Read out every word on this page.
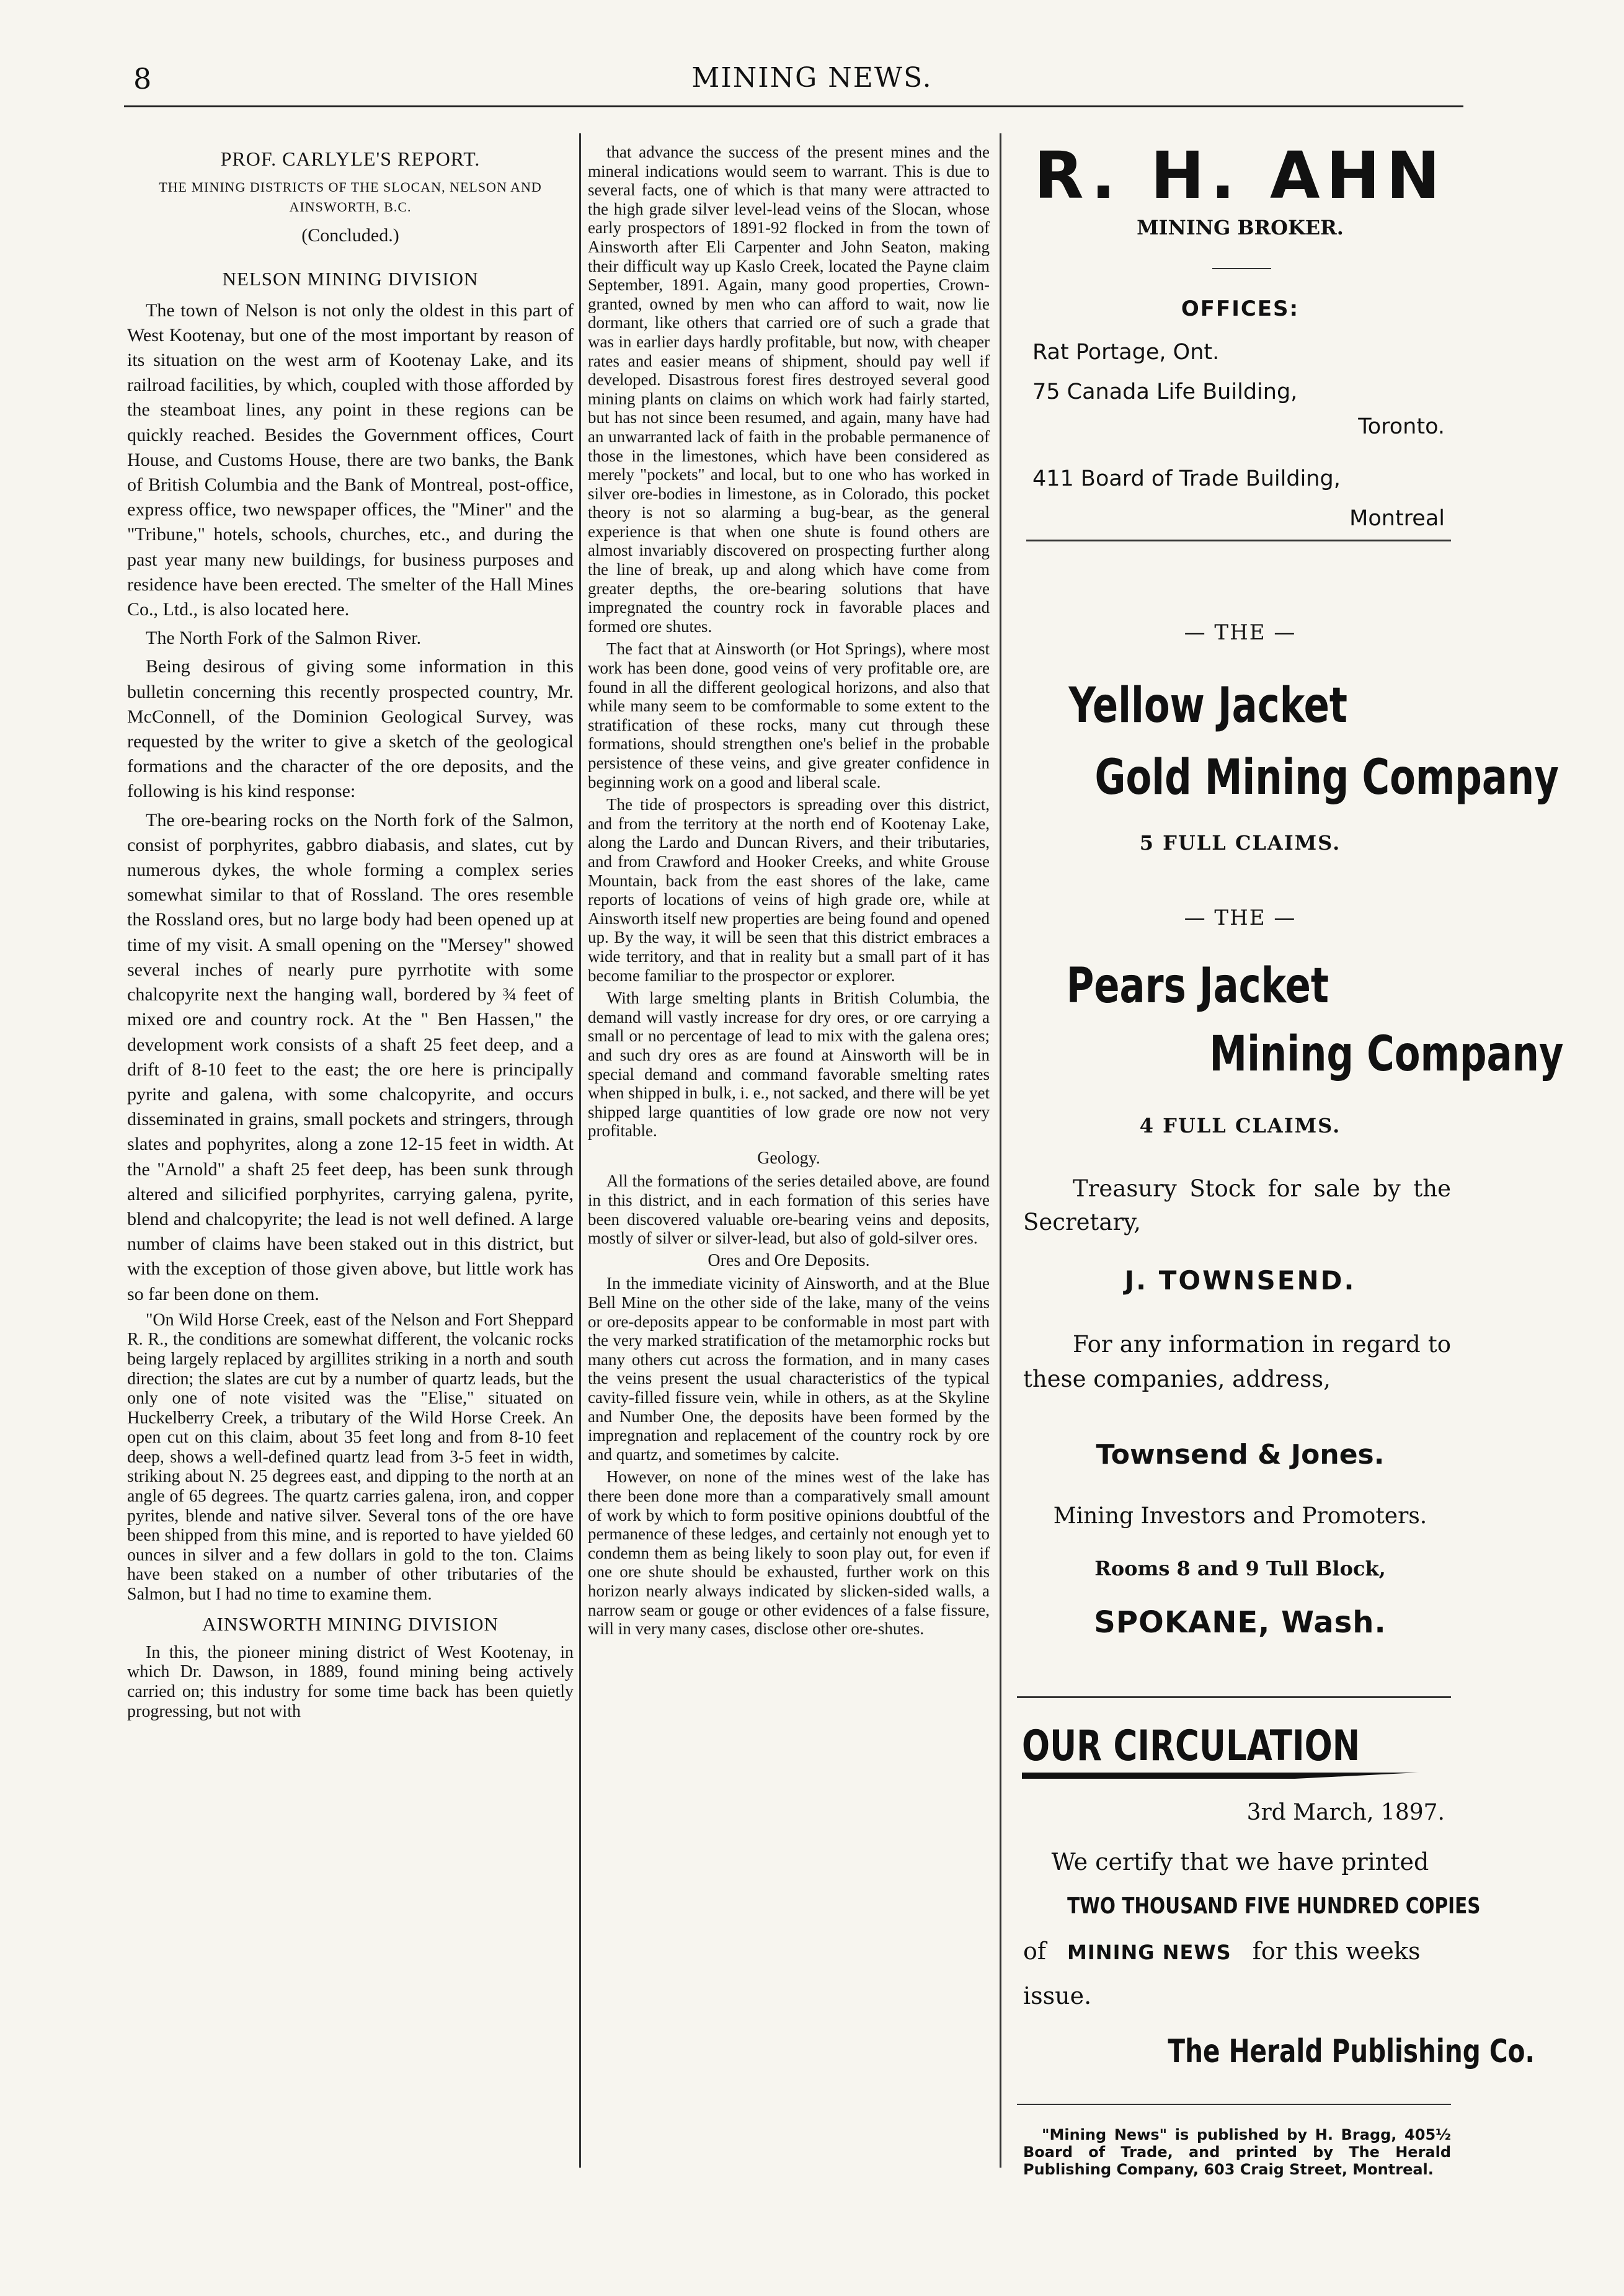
8	MINING NEWS.

PROF. CARLYLE'S REPORT.

THE MINING DISTRICTS OF THE SLOCAN, NELSON AND AINSWORTH, B.C.

(Concluded.)

NELSON MINING DIVISION

The town of Nelson is not only the oldest in this part of West Kootenay, but one of the most important by reason of its situation on the west arm of Kootenay Lake, and its railroad facilities, by which, coupled with those afforded by the steamboat lines, any point in these regions can be quickly reached. Besides the Government offices, Court House, and Customs House, there are two banks, the Bank of British Columbia and the Bank of Montreal, post-office, express office, two newspaper offices, the "Miner" and the "Tribune," hotels, schools, churches, etc., and during the past year many new buildings, for business purposes and residence have been erected. The smelter of the Hall Mines Co., Ltd., is also located here.

The North Fork of the Salmon River.

Being desirous of giving some information in this bulletin concerning this recently prospected country, Mr. McConnell, of the Dominion Geological Survey, was requested by the writer to give a sketch of the geological formations and the character of the ore deposits, and the following is his kind response:

The ore-bearing rocks on the North fork of the Salmon, consist of porphyrites, gabbro diabasis, and slates, cut by numerous dykes, the whole forming a complex series somewhat similar to that of Rossland. The ores resemble the Rossland ores, but no large body had been opened up at time of my visit. A small opening on the "Mersey" showed several inches of nearly pure pyrrhotite with some chalcopyrite next the hanging wall, bordered by ¾ feet of mixed ore and country rock. At the " Ben Hassen," the development work consists of a shaft 25 feet deep, and a drift of 8-10 feet to the east; the ore here is principally pyrite and galena, with some chalcopyrite, and occurs disseminated in grains, small pockets and stringers, through slates and pophyrites, along a zone 12-15 feet in width. At the "Arnold" a shaft 25 feet deep, has been sunk through altered and silicified porphyrites, carrying galena, pyrite, blend and chalcopyrite; the lead is not well defined. A large number of claims have been staked out in this district, but with the exception of those given above, but little work has so far been done on them.

"On Wild Horse Creek, east of the Nelson and Fort Sheppard R. R., the conditions are somewhat different, the volcanic rocks being largely replaced by argillites striking in a north and south direction; the slates are cut by a number of quartz leads, but the only one of note visited was the "Elise," situated on Huckelberry Creek, a tributary of the Wild Horse Creek. An open cut on this claim, about 35 feet long and from 8-10 feet deep, shows a well-defined quartz lead from 3-5 feet in width, striking about N. 25 degrees east, and dipping to the north at an angle of 65 degrees. The quartz carries galena, iron, and copper pyrites, blende and native silver. Several tons of the ore have been shipped from this mine, and is reported to have yielded 60 ounces in silver and a few dollars in gold to the ton. Claims have been staked on a number of other tributaries of the Salmon, but I had no time to examine them.

AINSWORTH MINING DIVISION

In this, the pioneer mining district of West Kootenay, in which Dr. Dawson, in 1889, found mining being actively carried on; this industry for some time back has been quietly progressing, but not with

that advance the success of the present mines and the mineral indications would seem to warrant. This is due to several facts, one of which is that many were attracted to the high grade silver level-lead veins of the Slocan, whose early prospectors of 1891-92 flocked in from the town of Ainsworth after Eli Carpenter and John Seaton, making their difficult way up Kaslo Creek, located the Payne claim September, 1891. Again, many good properties, Crown-granted, owned by men who can afford to wait, now lie dormant, like others that carried ore of such a grade that was in earlier days hardly profitable, but now, with cheaper rates and easier means of shipment, should pay well if developed. Disastrous forest fires destroyed several good mining plants on claims on which work had fairly started, but has not since been resumed, and again, many have had an unwarranted lack of faith in the probable permanence of those in the limestones, which have been considered as merely "pockets" and local, but to one who has worked in silver ore-bodies in limestone, as in Colorado, this pocket theory is not so alarming a bug-bear, as the general experience is that when one shute is found others are almost invariably discovered on prospecting further along the line of break, up and along which have come from greater depths, the ore-bearing solutions that have impregnated the country rock in favorable places and formed ore shutes.

The fact that at Ainsworth (or Hot Springs), where most work has been done, good veins of very profitable ore, are found in all the different geological horizons, and also that while many seem to be comformable to some extent to the stratification of these rocks, many cut through these formations, should strengthen one's belief in the probable persistence of these veins, and give greater confidence in beginning work on a good and liberal scale.

The tide of prospectors is spreading over this district, and from the territory at the north end of Kootenay Lake, along the Lardo and Duncan Rivers, and their tributaries, and from Crawford and Hooker Creeks, and white Grouse Mountain, back from the east shores of the lake, came reports of locations of veins of high grade ore, while at Ainsworth itself new properties are being found and opened up. By the way, it will be seen that this district embraces a wide territory, and that in reality but a small part of it has become familiar to the prospector or explorer.

With large smelting plants in British Columbia, the demand will vastly increase for dry ores, or ore carrying a small or no percentage of lead to mix with the galena ores; and such dry ores as are found at Ainsworth will be in special demand and command favorable smelting rates when shipped in bulk, i. e., not sacked, and there will be yet shipped large quantities of low grade ore now not very profitable.

Geology.

All the formations of the series detailed above, are found in this district, and in each formation of this series have been discovered valuable ore-bearing veins and deposits, mostly of silver or silver-lead, but also of gold-silver ores.

Ores and Ore Deposits.

In the immediate vicinity of Ainsworth, and at the Blue Bell Mine on the other side of the lake, many of the veins or ore-deposits appear to be conformable in most part with the very marked stratification of the metamorphic rocks but many others cut across the formation, and in many cases the veins present the usual characteristics of the typical cavity-filled fissure vein, while in others, as at the Skyline and Number One, the deposits have been formed by the impregnation and replacement of the country rock by ore and quartz, and sometimes by calcite.

However, on none of the mines west of the lake has there been done more than a comparatively small amount of work by which to form positive opinions doubtful of the permanence of these ledges, and certainly not enough yet to condemn them as being likely to soon play out, for even if one ore shute should be exhausted, further work on this horizon nearly always indicated by slicken-sided walls, a narrow seam or gouge or other evidences of a false fissure, will in very many cases, disclose other ore-shutes.

R. H. AHN
MINING BROKER.
OFFICES:
Rat Portage, Ont.
75 Canada Life Building,
Toronto.
411 Board of Trade Building,
Montreal
— THE —
Yellow Jacket
Gold Mining Company
5 FULL CLAIMS.
— THE —
Pears Jacket
Mining Company
4 FULL CLAIMS.
Treasury Stock for sale by the Secretary,
J. TOWNSEND.
For any information in regard to these companies, address,
Townsend & Jones.
Mining Investors and Promoters.
Rooms 8 and 9 Tull Block,
SPOKANE, Wash.
OUR CIRCULATION
3rd March, 1897.
We certify that we have printed
TWO THOUSAND FIVE HUNDRED COPIES
of MINING NEWS for this weeks
issue.
The Herald Publishing Co.
"Mining News" is published by H. Bragg, 405½ Board of Trade, and printed by The Herald Publishing Company, 603 Craig Street, Montreal.
